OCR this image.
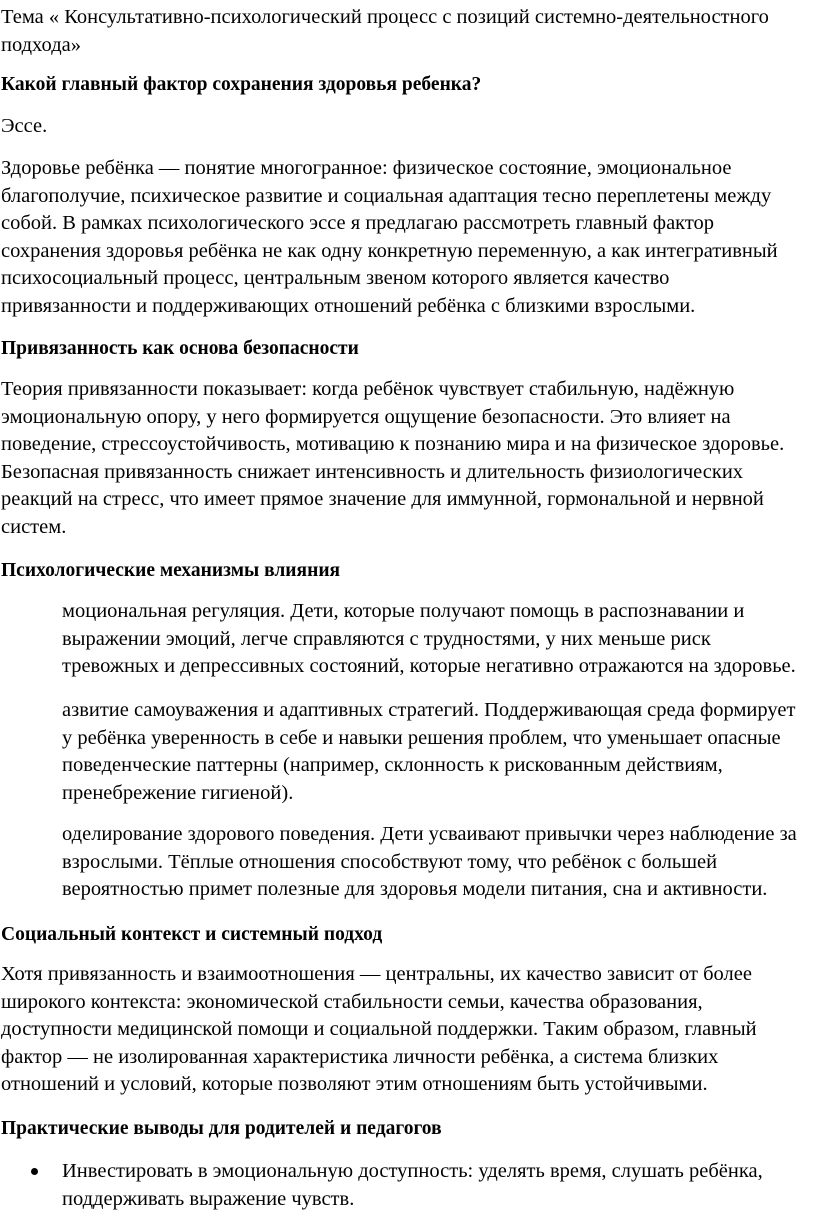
Тема « Консультативно-психологический процесс с позиций системно-деятельностного

подхода»

Какой главный фактор сохранения здоровья ребенка?

Эссе.

Здоровье ребёнка — понятие многогранное: физическое состояние, эмоциональное

благополучие, психическое развитие и социальная адаптация тесно переплетены между

собой. В рамках психологического эссе я предлагаю рассмотреть главный фактор

сохранения здоровья ребёнка не как одну конкретную переменную, а как интегративный

психосоциальный процесс, центральным звеном которого является качество

привязанности и поддерживающих отношений ребёнка с близкими взрослыми.

Привязанность как основа безопасности

Теория привязанности показывает: когда ребёнок чувствует стабильную, надёжную

эмоциональную опору, у него формируется ощущение безопасности. Это влияет на

поведение, стрессоустойчивость, мотивацию к познанию мира и на физическое здоровье.

Безопасная привязанность снижает интенсивность и длительность физиологических

реакций на стресс, что имеет прямое значение для иммунной, гормональной и нервной

систем.

Психологические механизмы влияния

моциональная регуляция. Дети, которые получают помощь в распознавании и

выражении эмоций, легче справляются с трудностями, у них меньше риск

тревожных и депрессивных состояний, которые негативно отражаются на здоровье.

азвитие самоуважения и адаптивных стратегий. Поддерживающая среда формирует

у ребёнка уверенность в себе и навыки решения проблем, что уменьшает опасные

поведенческие паттерны (например, склонность к рискованным действиям,

пренебрежение гигиеной).

оделирование здорового поведения. Дети усваивают привычки через наблюдение за

взрослыми. Тёплые отношения способствуют тому, что ребёнок с большей

вероятностью примет полезные для здоровья модели питания, сна и активности.

Социальный контекст и системный подход

Хотя привязанность и взаимоотношения — центральны, их качество зависит от более

широкого контекста: экономической стабильности семьи, качества образования,

доступности медицинской помощи и социальной поддержки. Таким образом, главный

фактор — не изолированная характеристика личности ребёнка, а система близких

отношений и условий, которые позволяют этим отношениям быть устойчивыми.

Практические выводы для родителей и педагогов

Инвестировать в эмоциональную доступность: уделять время, слушать ребёнка,

поддерживать выражение чувств.
